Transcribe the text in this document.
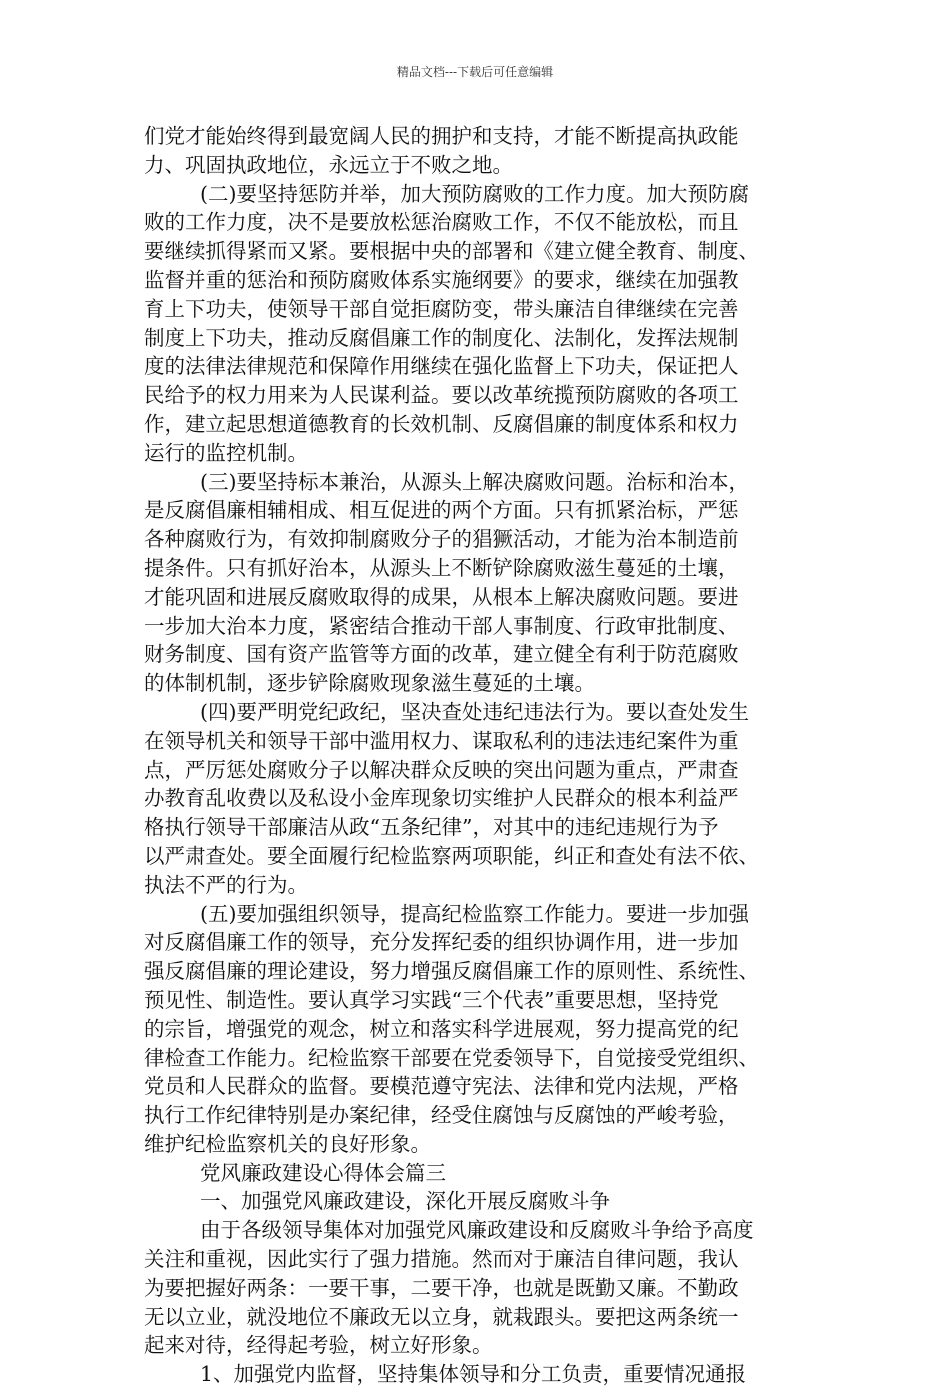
精品文档---下载后可任意编辑
们党才能始终得到最宽阔人民的拥护和支持，才能不断提高执政能
力、巩固执政地位，永远立于不败之地。
(二)要坚持惩防并举，加大预防腐败的工作力度。加大预防腐
败的工作力度，决不是要放松惩治腐败工作，不仅不能放松，而且
要继续抓得紧而又紧。要根据中央的部署和《建立健全教育、制度、
监督并重的惩治和预防腐败体系实施纲要》的要求，继续在加强教
育上下功夫，使领导干部自觉拒腐防变，带头廉洁自律继续在完善
制度上下功夫，推动反腐倡廉工作的制度化、法制化，发挥法规制
度的法律法律规范和保障作用继续在强化监督上下功夫，保证把人
民给予的权力用来为人民谋利益。要以改革统揽预防腐败的各项工
作，建立起思想道德教育的长效机制、反腐倡廉的制度体系和权力
运行的监控机制。
(三)要坚持标本兼治，从源头上解决腐败问题。治标和治本，
是反腐倡廉相辅相成、相互促进的两个方面。只有抓紧治标，严惩
各种腐败行为，有效抑制腐败分子的猖獗活动，才能为治本制造前
提条件。只有抓好治本，从源头上不断铲除腐败滋生蔓延的土壤，
才能巩固和进展反腐败取得的成果，从根本上解决腐败问题。要进
一步加大治本力度，紧密结合推动干部人事制度、行政审批制度、
财务制度、国有资产监管等方面的改革，建立健全有利于防范腐败
的体制机制，逐步铲除腐败现象滋生蔓延的土壤。
(四)要严明党纪政纪，坚决查处违纪违法行为。要以查处发生
在领导机关和领导干部中滥用权力、谋取私利的违法违纪案件为重
点，严厉惩处腐败分子以解决群众反映的突出问题为重点，严肃查
办教育乱收费以及私设小金库现象切实维护人民群众的根本利益严
格执行领导干部廉洁从政“五条纪律”，对其中的违纪违规行为予
以严肃查处。要全面履行纪检监察两项职能，纠正和查处有法不依、
执法不严的行为。
(五)要加强组织领导，提高纪检监察工作能力。要进一步加强
对反腐倡廉工作的领导，充分发挥纪委的组织协调作用，进一步加
强反腐倡廉的理论建设，努力增强反腐倡廉工作的原则性、系统性、
预见性、制造性。要认真学习实践“三个代表”重要思想，坚持党
的宗旨，增强党的观念，树立和落实科学进展观，努力提高党的纪
律检查工作能力。纪检监察干部要在党委领导下，自觉接受党组织、
党员和人民群众的监督。要模范遵守宪法、法律和党内法规，严格
执行工作纪律特别是办案纪律，经受住腐蚀与反腐蚀的严峻考验，
维护纪检监察机关的良好形象。
党风廉政建设心得体会篇三
一、加强党风廉政建设，深化开展反腐败斗争
由于各级领导集体对加强党风廉政建设和反腐败斗争给予高度
关注和重视，因此实行了强力措施。然而对于廉洁自律问题，我认
为要把握好两条：一要干事，二要干净，也就是既勤又廉。不勤政
无以立业，就没地位不廉政无以立身，就栽跟头。要把这两条统一
起来对待，经得起考验，树立好形象。
1、加强党内监督，坚持集体领导和分工负责，重要情况通报
